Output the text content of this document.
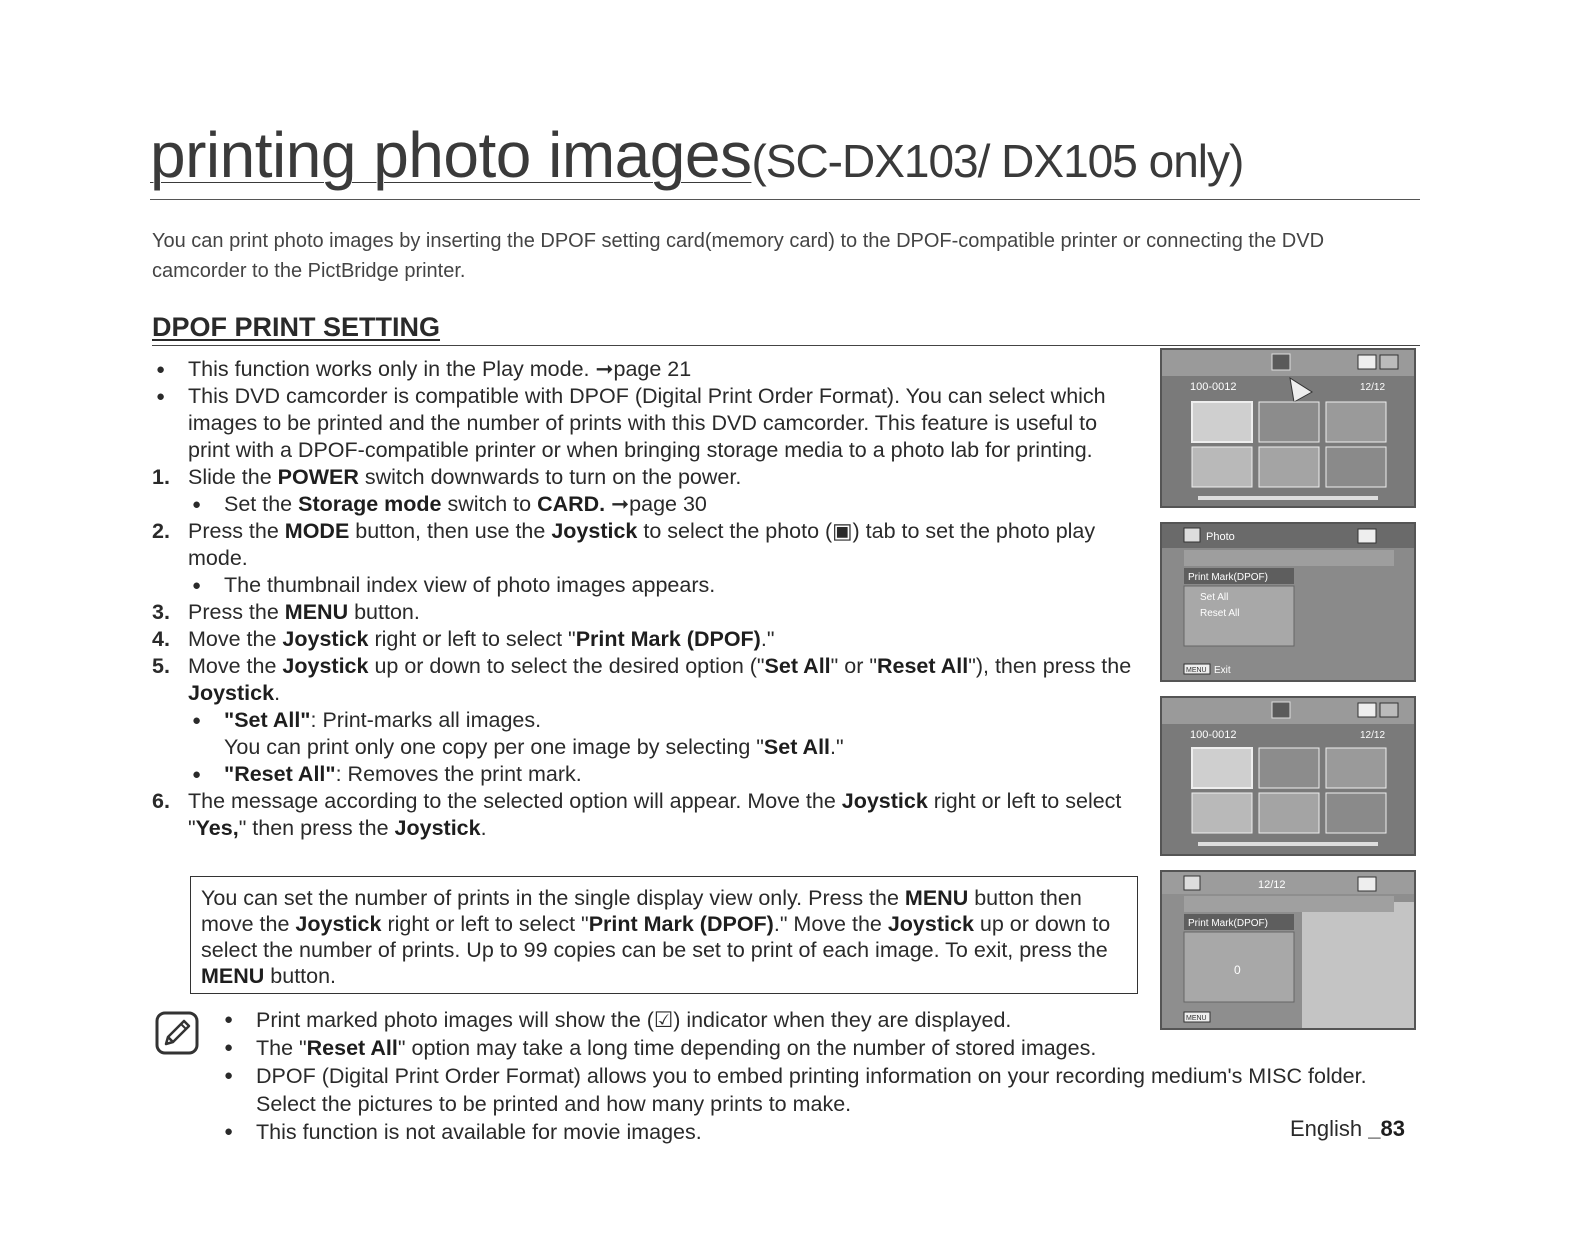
printing photo images(SC-DX103/ DX105 only)
You can print photo images by inserting the DPOF setting card(memory card) to the DPOF-compatible printer or connecting the DVD camcorder to the PictBridge printer.
DPOF PRINT SETTING
●	This function works only in the Play mode. ➞page 21
●	This DVD camcorder is compatible with DPOF (Digital Print Order Format). You can select which images to be printed and the number of prints with this DVD camcorder. This feature is useful to print with a DPOF-compatible printer or when bringing storage media to a photo lab for printing.
1. Slide the POWER switch downwards to turn on the power.
●	Set the Storage mode switch to CARD. ➞page 30
2. Press the MODE button, then use the Joystick to select the photo (▣) tab to set the photo play mode.
●	The thumbnail index view of photo images appears.
3. Press the MENU button.
4. Move the Joystick right or left to select "Print Mark (DPOF)."
5. Move the Joystick up or down to select the desired option ("Set All" or "Reset All"), then press the Joystick.
●	"Set All": Print-marks all images.
You can print only one copy per one image by selecting "Set All."
●	"Reset All": Removes the print mark.
6. The message according to the selected option will appear. Move the Joystick right or left to select "Yes," then press the Joystick.
You can set the number of prints in the single display view only. Press the MENU button then move the Joystick right or left to select "Print Mark (DPOF)." Move the Joystick up or down to select the number of prints. Up to 99 copies can be set to print of each image. To exit, press the MENU button.
●	Print marked photo images will show the (☑) indicator when they are displayed.
●	The "Reset All" option may take a long time depending on the number of stored images.
●	DPOF (Digital Print Order Format) allows you to embed printing information on your recording medium's MISC folder. Select the pictures to be printed and how many prints to make.
●	This function is not available for movie images.
100-0012	12/12
Photo
Print Mark(DPOF)
Set All
Reset All
MENU Exit
100-0012	12/12
12/12
Print Mark(DPOF)
0
MENU
English _83
